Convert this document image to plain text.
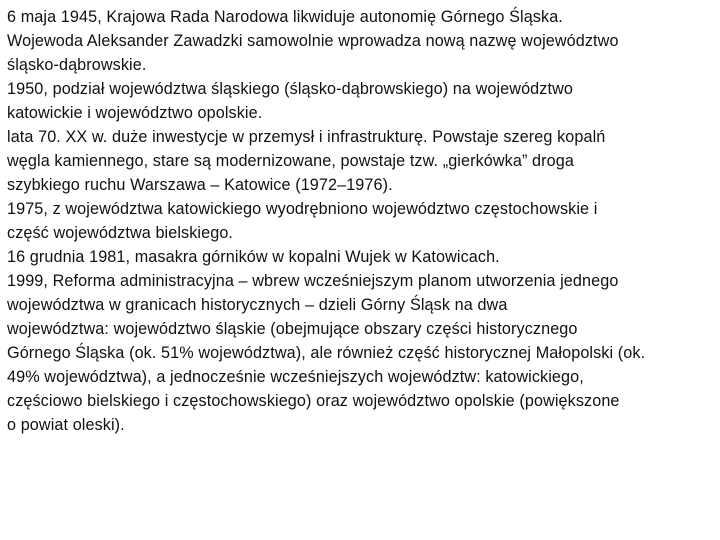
6 maja 1945, Krajowa Rada Narodowa likwiduje autonomię Górnego Śląska.
Wojewoda Aleksander Zawadzki samowolnie wprowadza nową nazwę województwo
śląsko-dąbrowskie.
1950, podział województwa śląskiego (śląsko-dąbrowskiego) na województwo
katowickie i województwo opolskie.
lata 70. XX w. duże inwestycje w przemysł i infrastrukturę. Powstaje szereg kopalń
węgla kamiennego, stare są modernizowane, powstaje tzw. „gierkówka” droga
szybkiego ruchu Warszawa – Katowice (1972–1976).
1975, z województwa katowickiego wyodrębniono województwo częstochowskie i
część województwa bielskiego.
16 grudnia 1981, masakra górników w kopalni Wujek w Katowicach.
1999, Reforma administracyjna – wbrew wcześniejszym planom utworzenia jednego
województwa w granicach historycznych – dzieli Górny Śląsk na dwa
województwa: województwo śląskie (obejmujące obszary części historycznego
Górnego Śląska (ok. 51% województwa), ale również część historycznej Małopolski (ok.
49% województwa), a jednocześnie wcześniejszych województw: katowickiego,
częściowo bielskiego i częstochowskiego) oraz województwo opolskie (powiększone
o powiat oleski).
